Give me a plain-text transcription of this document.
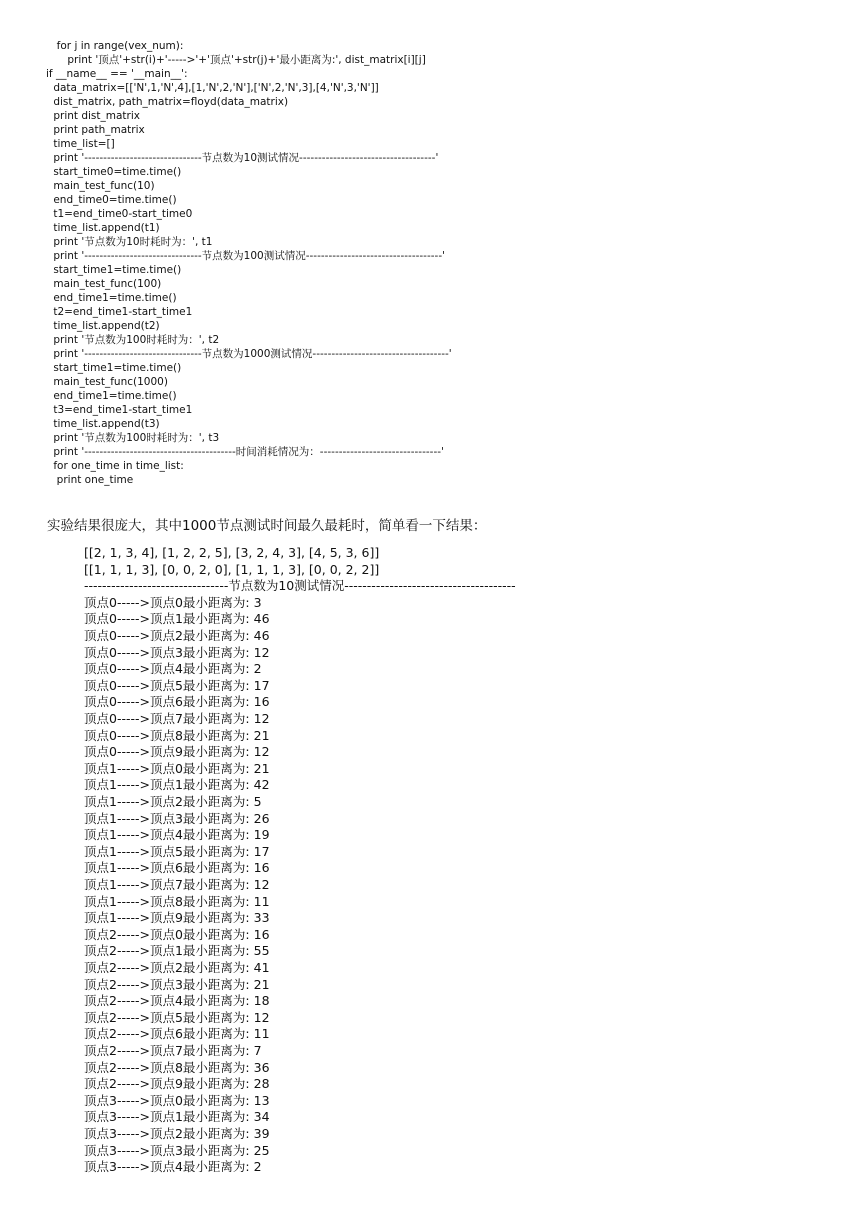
for j in range(vex_num):
print '顶点'+str(i)+'----->'+'顶点'+str(j)+'最小距离为:', dist_matrix[i][j]
if __name__ == '__main__':
data_matrix=[['N',1,'N',4],[1,'N',2,'N'],['N',2,'N',3],[4,'N',3,'N']]
dist_matrix, path_matrix=floyd(data_matrix)
print dist_matrix
print path_matrix
time_list=[]
print '-------------------------------节点数为10测试情况------------------------------------'
start_time0=time.time()
main_test_func(10)
end_time0=time.time()
t1=end_time0-start_time0
time_list.append(t1)
print '节点数为10时耗时为：', t1
print '-------------------------------节点数为100测试情况------------------------------------'
start_time1=time.time()
main_test_func(100)
end_time1=time.time()
t2=end_time1-start_time1
time_list.append(t2)
print '节点数为100时耗时为：', t2
print '-------------------------------节点数为1000测试情况------------------------------------'
start_time1=time.time()
main_test_func(1000)
end_time1=time.time()
t3=end_time1-start_time1
time_list.append(t3)
print '节点数为100时耗时为：', t3
print '----------------------------------------时间消耗情况为：--------------------------------'
for one_time in time_list:
print one_time
实验结果很庞大，其中1000节点测试时间最久最耗时，简单看一下结果：
[[2, 1, 3, 4], [1, 2, 2, 5], [3, 2, 4, 3], [4, 5, 3, 6]]
[[1, 1, 1, 3], [0, 0, 2, 0], [1, 1, 1, 3], [0, 0, 2, 2]]
--------------------------------节点数为10测试情况--------------------------------------
顶点0----->顶点0最小距离为: 3
顶点0----->顶点1最小距离为: 46
顶点0----->顶点2最小距离为: 46
顶点0----->顶点3最小距离为: 12
顶点0----->顶点4最小距离为: 2
顶点0----->顶点5最小距离为: 17
顶点0----->顶点6最小距离为: 16
顶点0----->顶点7最小距离为: 12
顶点0----->顶点8最小距离为: 21
顶点0----->顶点9最小距离为: 12
顶点1----->顶点0最小距离为: 21
顶点1----->顶点1最小距离为: 42
顶点1----->顶点2最小距离为: 5
顶点1----->顶点3最小距离为: 26
顶点1----->顶点4最小距离为: 19
顶点1----->顶点5最小距离为: 17
顶点1----->顶点6最小距离为: 16
顶点1----->顶点7最小距离为: 12
顶点1----->顶点8最小距离为: 11
顶点1----->顶点9最小距离为: 33
顶点2----->顶点0最小距离为: 16
顶点2----->顶点1最小距离为: 55
顶点2----->顶点2最小距离为: 41
顶点2----->顶点3最小距离为: 21
顶点2----->顶点4最小距离为: 18
顶点2----->顶点5最小距离为: 12
顶点2----->顶点6最小距离为: 11
顶点2----->顶点7最小距离为: 7
顶点2----->顶点8最小距离为: 36
顶点2----->顶点9最小距离为: 28
顶点3----->顶点0最小距离为: 13
顶点3----->顶点1最小距离为: 34
顶点3----->顶点2最小距离为: 39
顶点3----->顶点3最小距离为: 25
顶点3----->顶点4最小距离为: 2
